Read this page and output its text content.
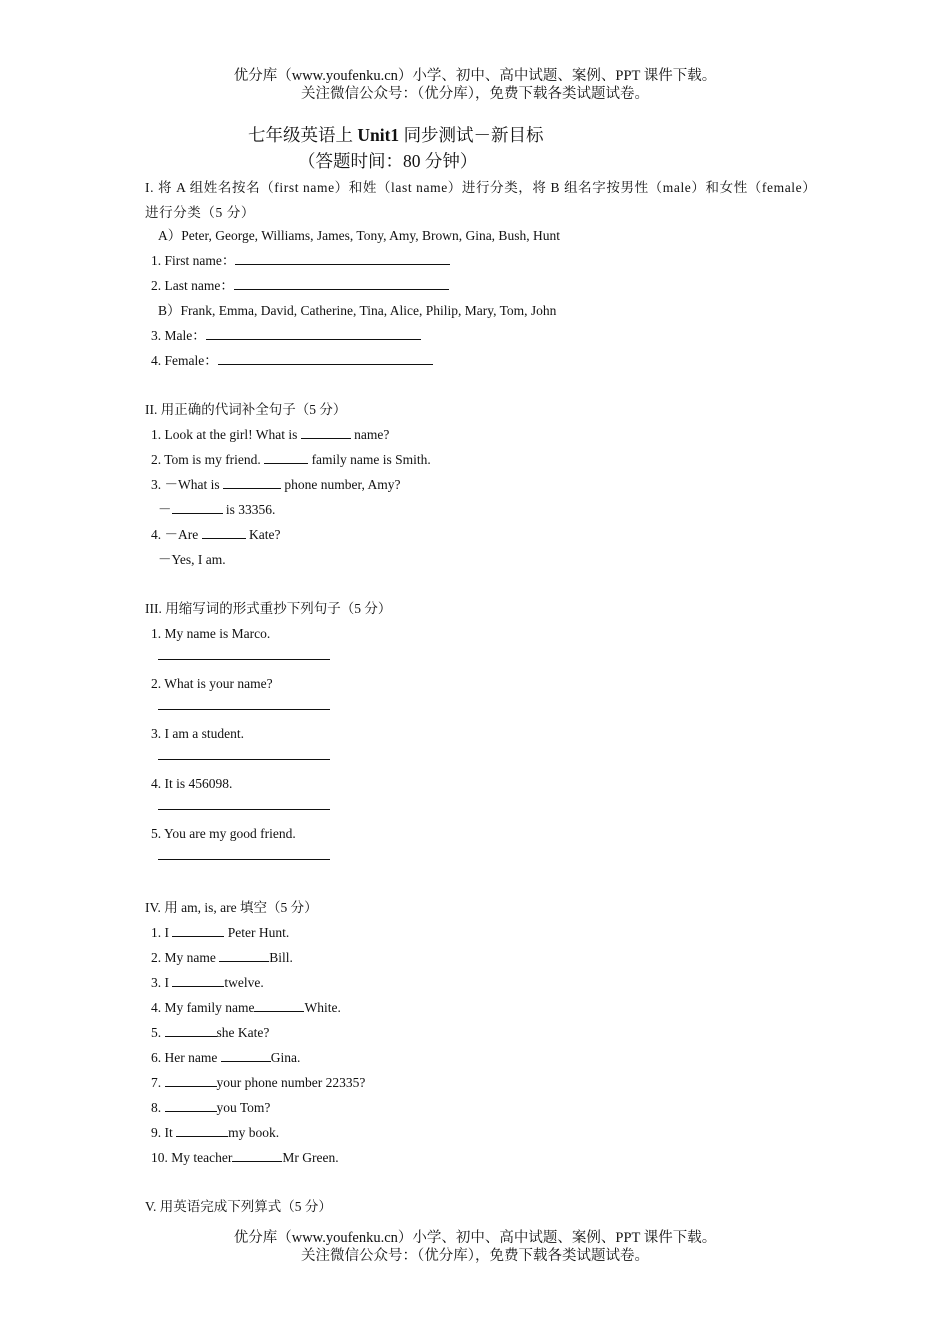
优分库（www.youfenku.cn）小学、初中、高中试题、案例、PPT 课件下载。
关注微信公众号：（优分库），免费下载各类试题试卷。
七年级英语上 Unit1 同步测试－新目标
（答题时间：80 分钟）
I. 将 A 组姓名按名（first name）和姓（last name）进行分类，将 B 组名字按男性（male）和女性（female）进行分类（5 分）
A）Peter, George, Williams, James, Tony, Amy, Brown, Gina, Bush, Hunt
1. First name：
2. Last name：
B）Frank, Emma, David, Catherine, Tina, Alice, Philip, Mary, Tom, John
3. Male：
4. Female：
II. 用正确的代词补全句子（5 分）
1. Look at the girl! What is	name?
2. Tom is my friend.	family name is Smith.
3. －What is	phone number, Amy?
－	is 33356.
4. －Are	Kate?
－Yes, I am.
III. 用缩写词的形式重抄下列句子（5 分）
1. My name is Marco.
2. What is your name?
3. I am a student.
4. It is 456098.
5. You are my good friend.
IV. 用 am, is, are 填空（5 分）
1. I	Peter Hunt.
2. My name	Bill.
3. I	twelve.
4. My family name	White.
5.	she Kate?
6. Her name	Gina.
7.	your phone number 22335?
8.	you Tom?
9. It	my book.
10. My teacher	Mr Green.
V. 用英语完成下列算式（5 分）
优分库（www.youfenku.cn）小学、初中、高中试题、案例、PPT 课件下载。
关注微信公众号：（优分库），免费下载各类试题试卷。
